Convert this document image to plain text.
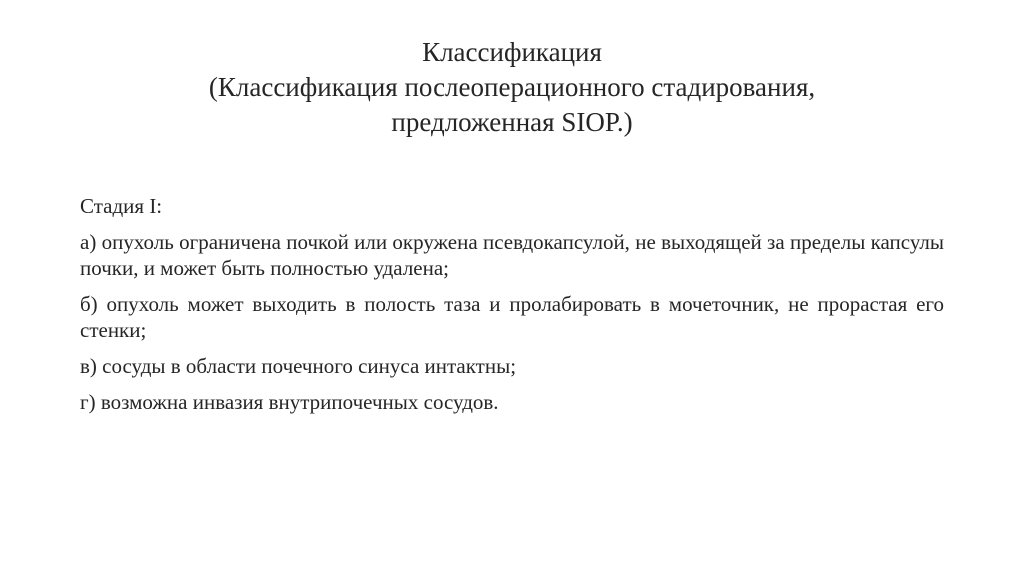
Классификация
(Классификация послеоперационного стадирования,
предложенная SIOP.)

Стадия I:

а) опухоль ограничена почкой или окружена псевдокапсулой, не выходящей за пределы капсулы почки, и может быть полностью удалена;

б) опухоль может выходить в полость таза и пролабировать в мочеточник, не прорастая его стенки;

в) сосуды в области почечного синуса интактны;

г) возможна инвазия внутрипочечных сосудов.
